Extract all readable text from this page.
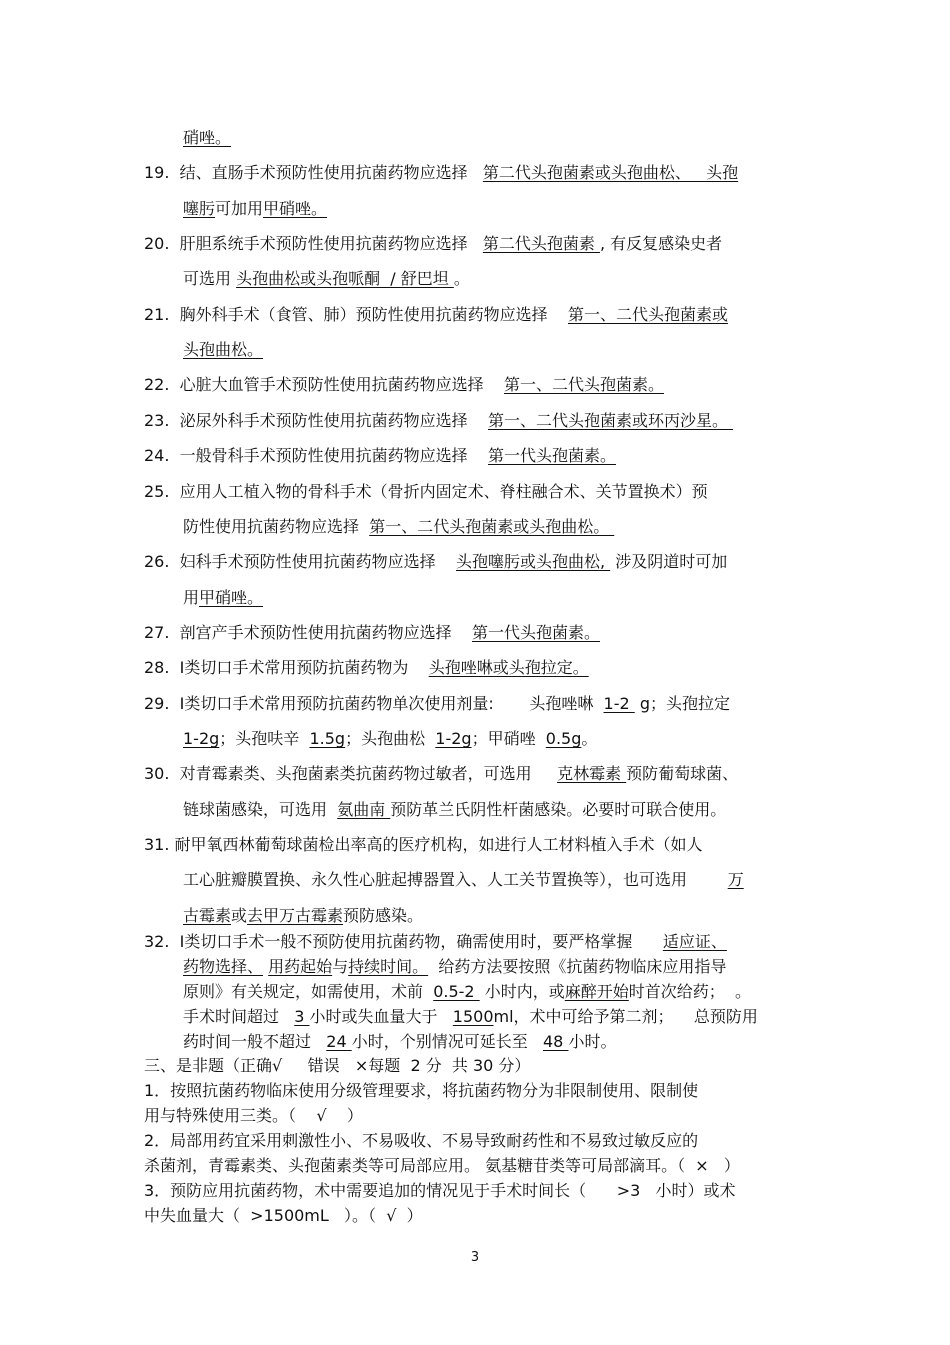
硝唑。
19.  结、直肠手术预防性使用抗菌药物应选择   第二代头孢菌素或头孢曲松、   头孢
噻肟可加用甲硝唑。
20.  肝胆系统手术预防性使用抗菌药物应选择   第二代头孢菌素 , 有反复感染史者
可选用 头孢曲松或头孢哌酮  / 舒巴坦 。
21.  胸外科手术（食管、肺）预防性使用抗菌药物应选择    第一、二代头孢菌素或
头孢曲松。
22.  心脏大血管手术预防性使用抗菌药物应选择    第一、二代头孢菌素。
23.  泌尿外科手术预防性使用抗菌药物应选择    第一、二代头孢菌素或环丙沙星。
24.  一般骨科手术预防性使用抗菌药物应选择    第一代头孢菌素。
25.  应用人工植入物的骨科手术（骨折内固定术、脊柱融合术、关节置换术）预
防性使用抗菌药物应选择  第一、二代头孢菌素或头孢曲松。
26.  妇科手术预防性使用抗菌药物应选择    头孢噻肟或头孢曲松,  涉及阴道时可加
用甲硝唑。
27.  剖宫产手术预防性使用抗菌药物应选择    第一代头孢菌素。
28.  Ⅰ类切口手术常用预防抗菌药物为    头孢唑啉或头孢拉定。
29.  Ⅰ类切口手术常用预防抗菌药物单次使用剂量:       头孢唑啉  1-2  g；头孢拉定
1-2g；头孢呋辛  1.5g；头孢曲松  1-2g；甲硝唑  0.5g。
30.  对青霉素类、头孢菌素类抗菌药物过敏者，可选用     克林霉素 预防葡萄球菌、
链球菌感染，可选用  氨曲南 预防革兰氏阴性杆菌感染。必要时可联合使用。
31. 耐甲氧西林葡萄球菌检出率高的医疗机构，如进行人工材料植入手术（如人
工心脏瓣膜置换、永久性心脏起搏器置入、人工关节置换等），也可选用        万
古霉素或去甲万古霉素预防感染。
32.  Ⅰ类切口手术一般不预防使用抗菌药物，确需使用时，要严格掌握      适应证、
药物选择、 用药起始与持续时间。  给药方法要按照《抗菌药物临床应用指导
原则》有关规定，如需使用，术前  0.5-2  小时内，或麻醉开始时首次给药；  。
手术时间超过   3 小时或失血量大于   1500ml，术中可给予第二剂；    总预防用
药时间一般不超过   24 小时，个别情况可延长至   48 小时。
三、是非题（正确√     错误   ×每题  2 分  共 30 分）
1．按照抗菌药物临床使用分级管理要求，将抗菌药物分为非限制使用、限制使
用与特殊使用三类。（    √    ）
2．局部用药宜采用刺激性小、不易吸收、不易导致耐药性和不易致过敏反应的
杀菌剂，青霉素类、头孢菌素类等可局部应用。 氨基糖苷类等可局部滴耳。（  ×   ）
3．预防应用抗菌药物，术中需要追加的情况见于手术时间长（      >3   小时）或术
中失血量大（  >1500mL   ）。（  √  ）
3
